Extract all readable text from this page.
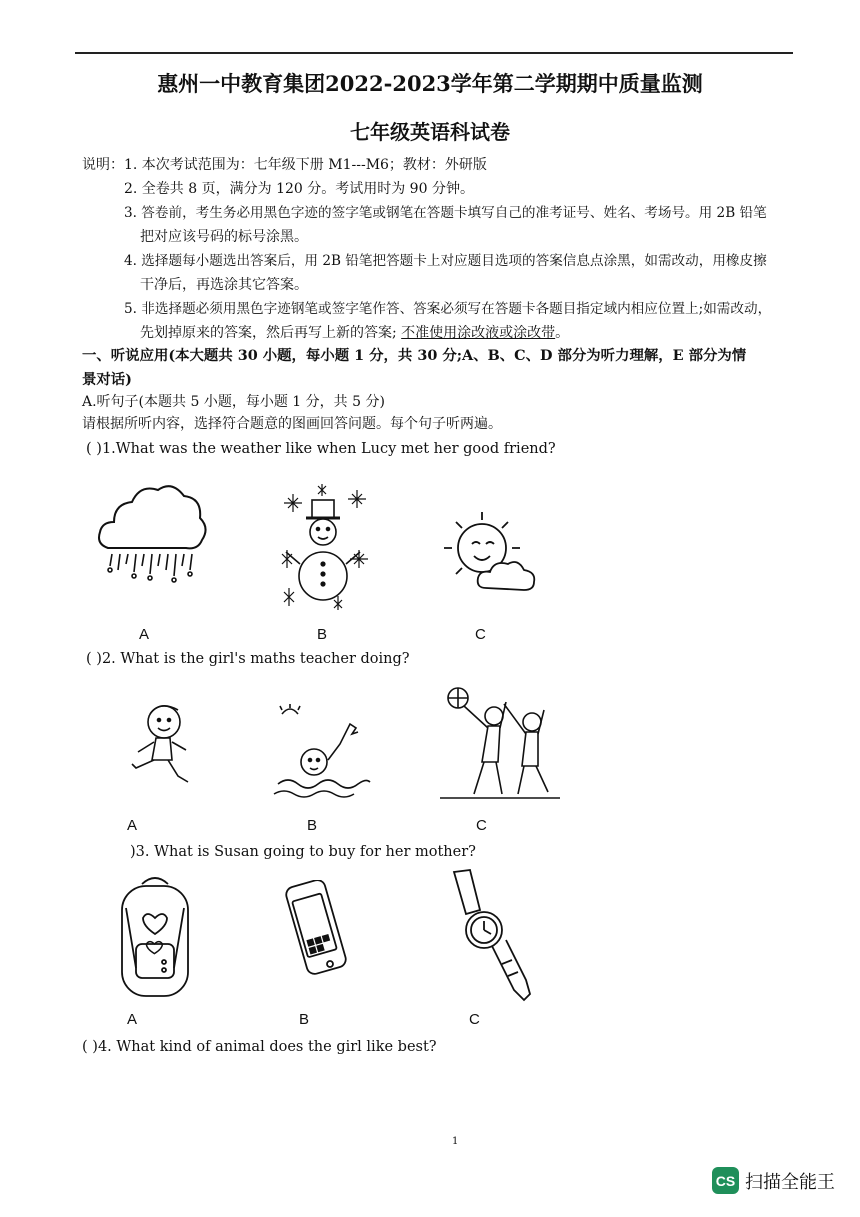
惠州一中教育集团2022-2023学年第二学期期中质量监测
七年级英语科试卷
说明： 1. 本次考试范围为：七年级下册 M1---M6；教材：外研版
2. 全卷共 8 页，满分为 120 分。考试用时为 90 分钟。
3. 答卷前，考生务必用黑色字迹的签字笔或钢笔在答题卡填写自己的准考证号、姓名、考场号。用 2B 铅笔
把对应该号码的标号涂黑。
4. 选择题每小题选出答案后，用 2B 铅笔把答题卡上对应题目选项的答案信息点涂黑，如需改动，用橡皮擦
干净后，再选涂其它答案。
5. 非选择题必须用黑色字迹钢笔或签字笔作答、答案必须写在答题卡各题目指定域内相应位置上;如需改动，
先划掉原来的答案，然后再写上新的答案; 不准使用涂改液或涂改带。
一、听说应用(本大题共 30 小题，每小题 1 分，共 30 分;A、B、C、D 部分为听力理解，E 部分为情
景对话)
A.听句子(本题共 5 小题，每小题 1 分，共 5 分)
请根据所听内容，选择符合题意的图画回答问题。每个句子听两遍。
( )1.What was the weather like when Lucy met her good friend?
A	B	C
( )2. What is the girl's maths teacher doing?
A	B	C
)3. What is Susan going to buy for her mother?
A	B	C
( )4. What kind of animal does the girl like best?
1
CS 扫描全能王
